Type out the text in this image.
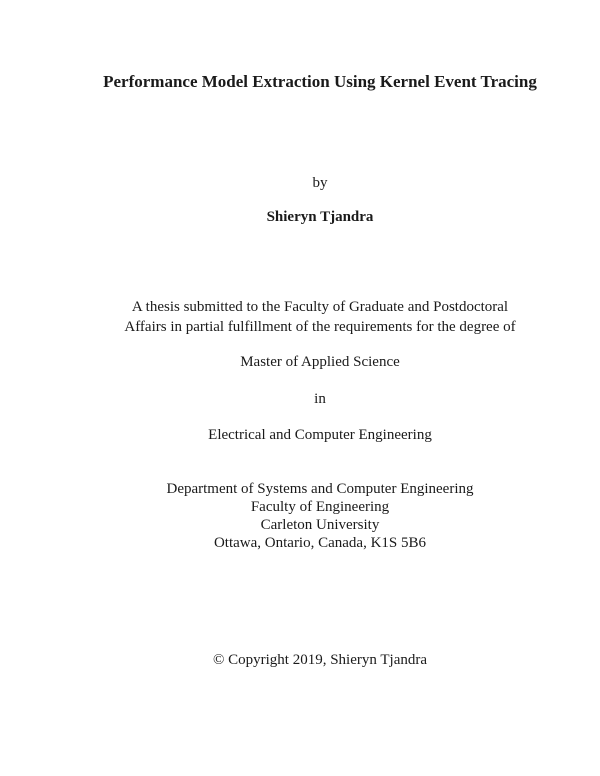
Performance Model Extraction Using Kernel Event Tracing
by
Shieryn Tjandra
A thesis submitted to the Faculty of Graduate and Postdoctoral
Affairs in partial fulfillment of the requirements for the degree of
Master of Applied Science
in
Electrical and Computer Engineering
Department of Systems and Computer Engineering
Faculty of Engineering
Carleton University
Ottawa, Ontario, Canada, K1S 5B6
© Copyright 2019, Shieryn Tjandra
